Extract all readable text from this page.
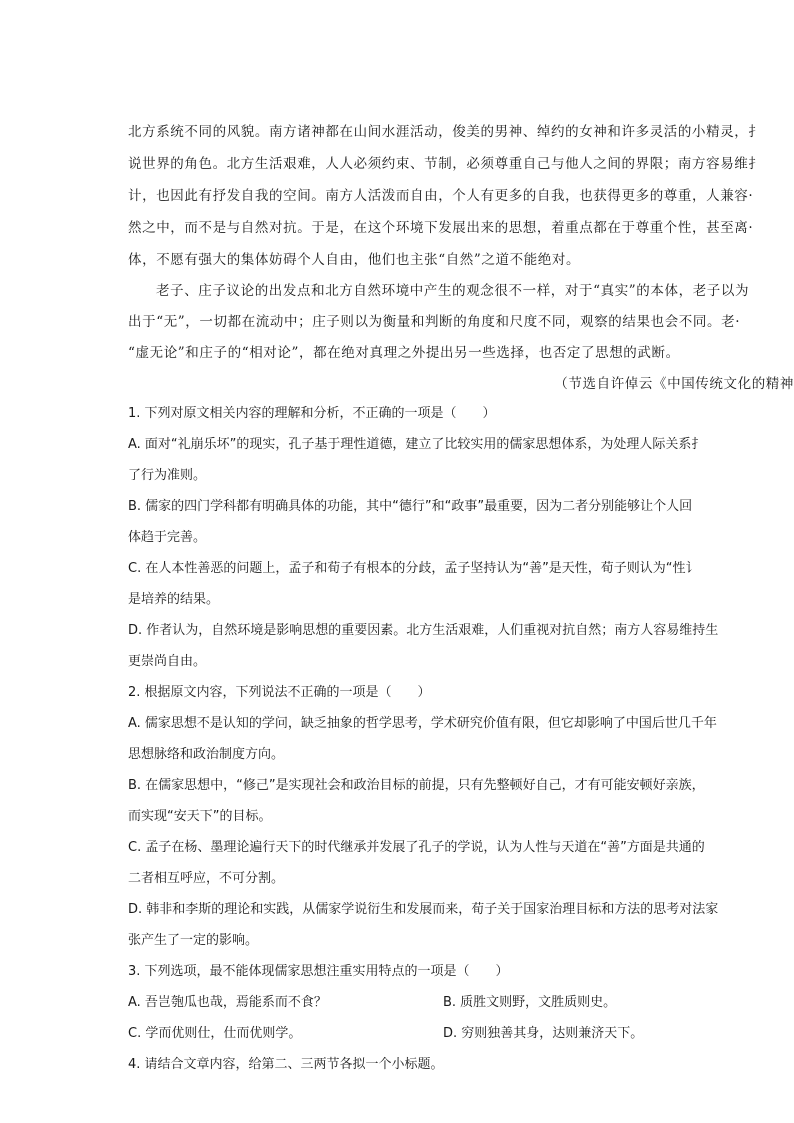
北方系统不同的风貌。南方诸神都在山间水涯活动，俊美的男神、绰约的女神和许多灵活的小精灵，扌

说世界的角色。北方生活艰难，人人必须约束、节制，必须尊重自己与他人之间的界限；南方容易维扌

计，也因此有抒发自我的空间。南方人活泼而自由，个人有更多的自我，也获得更多的尊重，人兼容·

然之中，而不是与自然对抗。于是，在这个环境下发展出来的思想，着重点都在于尊重个性，甚至离·

体，不愿有强大的集体妨碍个人自由，他们也主张“自然”之道不能绝对。

老子、庄子议论的出发点和北方自然环境中产生的观念很不一样，对于“真实”的本体，老子以为

出于“无”，一切都在流动中；庄子则以为衡量和判断的角度和尺度不同，观察的结果也会不同。老·

“虚无论”和庄子的“相对论”，都在绝对真理之外提出另一些选择，也否定了思想的武断。

（节选自许倬云《中国传统文化的精神

1. 下列对原文相关内容的理解和分析，不正确的一项是（　　）

A. 面对“礼崩乐坏”的现实，孔子基于理性道德，建立了比较实用的儒家思想体系，为处理人际关系扌

了行为准则。

B. 儒家的四门学科都有明确具体的功能，其中“德行”和“政事”最重要，因为二者分别能够让个人回

体趋于完善。

C. 在人本性善恶的问题上，孟子和荀子有根本的分歧，孟子坚持认为“善”是天性，荀子则认为“性讠

是培养的结果。

D. 作者认为，自然环境是影响思想的重要因素。北方生活艰难，人们重视对抗自然；南方人容易维持生

更崇尚自由。

2. 根据原文内容，下列说法不正确的一项是（　　）

A. 儒家思想不是认知的学问，缺乏抽象的哲学思考，学术研究价值有限，但它却影响了中国后世几千年

思想脉络和政治制度方向。

B. 在儒家思想中，“修己”是实现社会和政治目标的前提，只有先整顿好自己，才有可能安顿好亲族，

而实现“安天下”的目标。

C. 孟子在杨、墨理论遍行天下的时代继承并发展了孔子的学说，认为人性与天道在“善”方面是共通的

二者相互呼应，不可分割。

D. 韩非和李斯的理论和实践，从儒家学说衍生和发展而来，荀子关于国家治理目标和方法的思考对法家

张产生了一定的影响。

3. 下列选项，最不能体现儒家思想注重实用特点的一项是（　　）

A. 吾岂匏瓜也哉，焉能系而不食？	B. 质胜文则野，文胜质则史。

C. 学而优则仕，仕而优则学。	D. 穷则独善其身，达则兼济天下。

4. 请结合文章内容，给第二、三两节各拟一个小标题。
